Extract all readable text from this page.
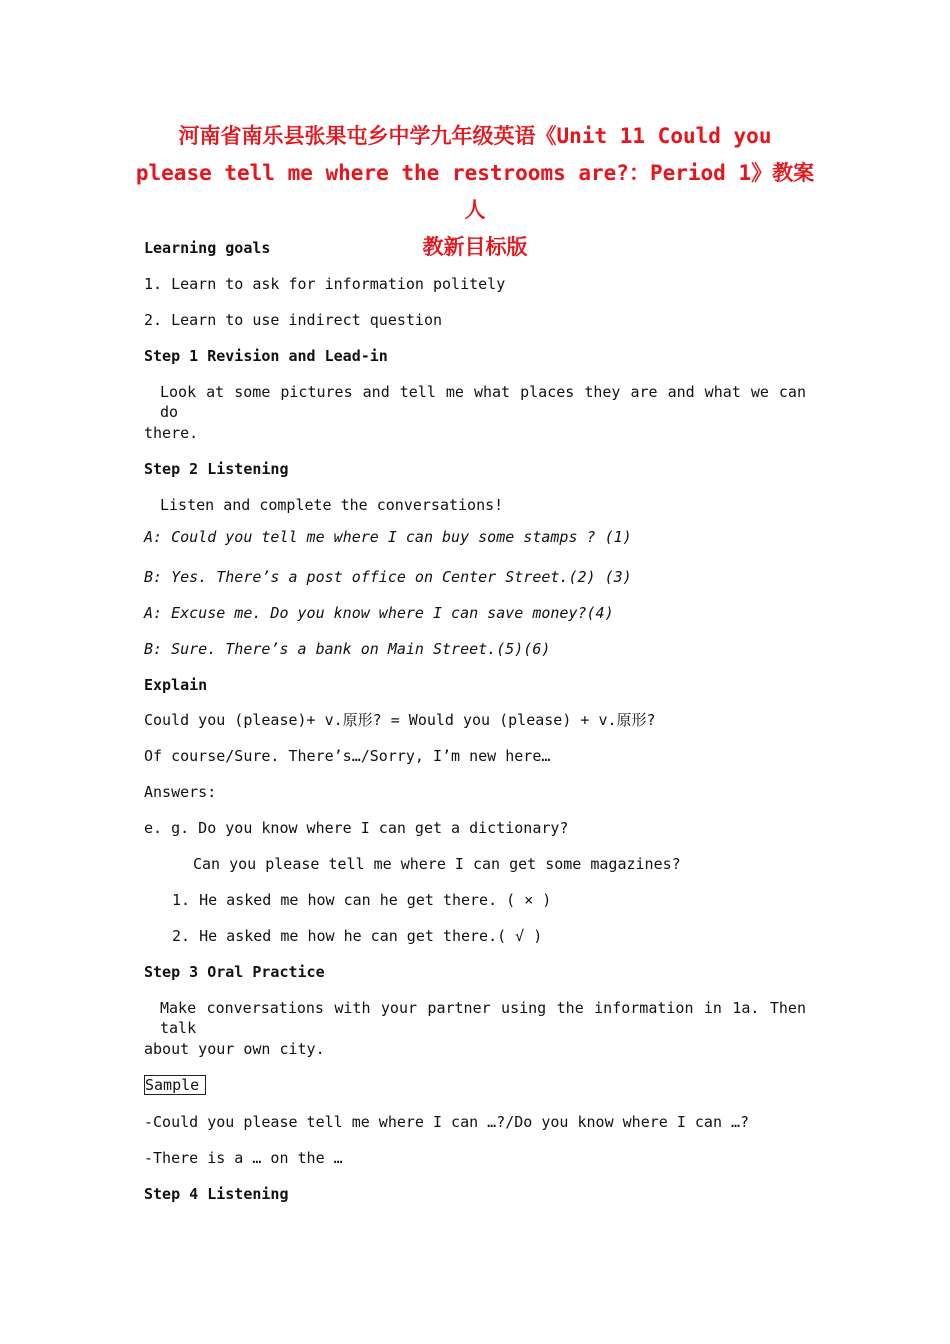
河南省南乐县张果屯乡中学九年级英语《Unit 11 Could you
please tell me where the restrooms are?：Period 1》教案 人
教新目标版
Learning goals
1. Learn to ask for information politely
2. Learn to use indirect question
Step 1 Revision and Lead-in
Look at some pictures and tell me what places they are and what we can do
there.
Step 2 Listening
Listen and complete the conversations!
A: Could you tell me where I can buy some stamps ? (1)
B: Yes. There’s a post office on Center Street.(2) (3)
A: Excuse me. Do you know where I can save money?(4)
B: Sure. There’s a bank on Main Street.(5)(6)
Explain
Could you (please)+ v.原形? = Would you (please) + v.原形?
Of course/Sure. There’s…/Sorry, I’m new here…
Answers:
e. g. Do you know where I can get a dictionary?
Can you please tell me where I can get some magazines?
1. He asked me how can he get there. ( × )
2. He asked me how he can get there.( √ )
Step 3 Oral Practice
Make conversations with your partner using the information in 1a. Then talk
about your own city.
Sample
-Could you please tell me where I can …?/Do you know where I can …?
-There is a … on the …
Step 4 Listening
